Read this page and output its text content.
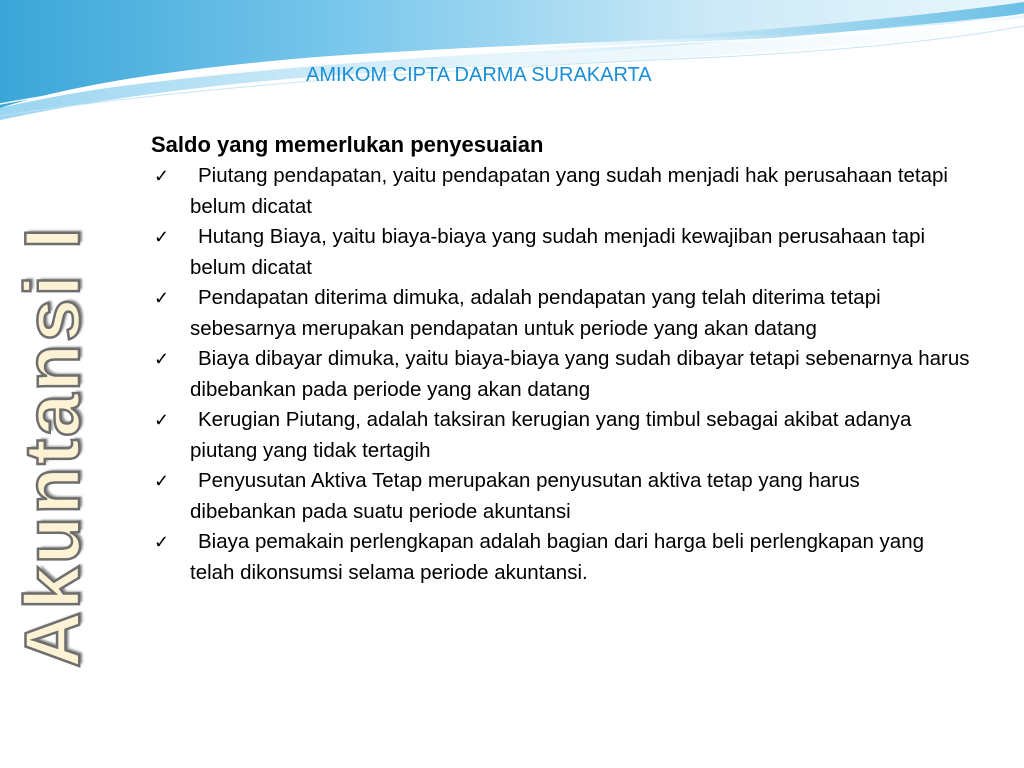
AMIKOM CIPTA DARMA SURAKARTA
Akuntansi I
Saldo yang memerlukan penyesuaian
✓	Piutang pendapatan, yaitu pendapatan yang sudah menjadi hak perusahaan tetapi belum dicatat
✓	Hutang Biaya, yaitu biaya-biaya yang sudah menjadi kewajiban perusahaan tapi belum dicatat
✓	Pendapatan diterima dimuka, adalah pendapatan yang telah diterima tetapi sebesarnya merupakan pendapatan untuk periode yang akan datang
✓	Biaya dibayar dimuka, yaitu biaya-biaya yang sudah dibayar tetapi sebenarnya harus dibebankan pada periode yang akan datang
✓	Kerugian Piutang, adalah taksiran kerugian yang timbul sebagai akibat adanya piutang yang tidak tertagih
✓	Penyusutan Aktiva Tetap merupakan penyusutan aktiva tetap yang harus dibebankan pada suatu periode akuntansi
✓	Biaya pemakain perlengkapan adalah bagian dari harga beli perlengkapan yang telah dikonsumsi selama periode akuntansi.
